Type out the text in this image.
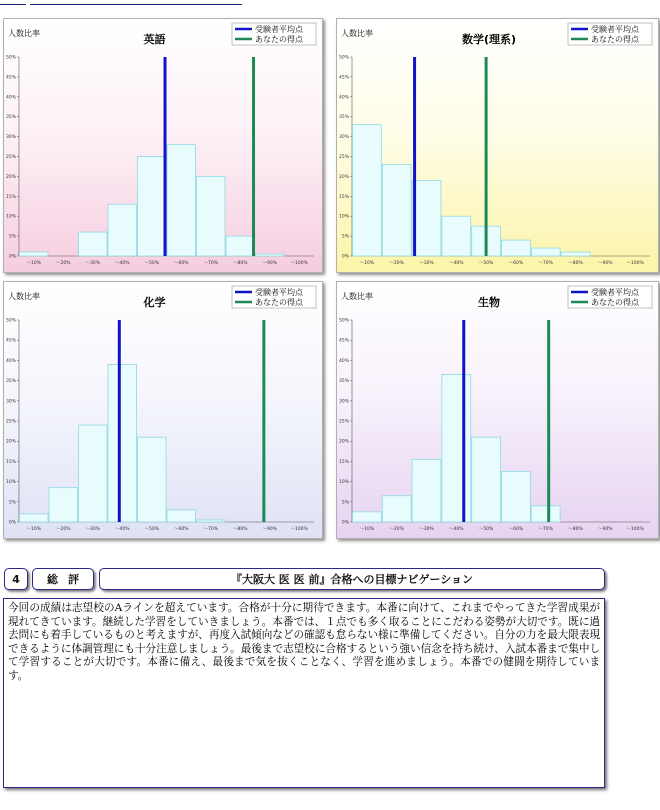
人数比率	英語
受験者平均点
あなたの得点
0%
5%
10%
15%
20%
25%
30%
35%
40%
45%
50%
～10%	～20%	～30%	～40%	～50%	～60%	～70%	～80%	～90%	～100%
人数比率	数学(理系)
受験者平均点
あなたの得点
0%
5%
10%
15%
20%
25%
30%
35%
40%
45%
50%
～10%	～20%	～30%	～40%	～50%	～60%	～70%	～80%	～90%	～100%
人数比率	化学
受験者平均点
あなたの得点
0%
5%
10%
15%
20%
25%
30%
35%
40%
45%
50%
～10%	～20%	～30%	～40%	～50%	～60%	～70%	～80%	～90%	～100%
人数比率	生物
受験者平均点
あなたの得点
0%
5%
10%
15%
20%
25%
30%
35%
40%
45%
50%
～10%	～20%	～30%	～40%	～50%	～60%	～70%	～80%	～90%	～100%
4	総評	『大阪大 医 医 前』合格への目標ナビゲーション
今回の成績は志望校のAラインを超えています。合格が十分に期待できます。本番に向けて、これまでやってきた学習成果が現れてきています。継続した学習をしていきましょう。本番では、１点でも多く取ることにこだわる姿勢が大切です。既に過去問にも着手しているものと考えますが、再度入試傾向などの確認も怠らない様に準備してください。自分の力を最大限表現できるように体調管理にも十分注意しましょう。最後まで志望校に合格するという強い信念を持ち続け、入試本番まで集中して学習することが大切です。本番に備え、最後まで気を抜くことなく、学習を進めましょう。本番での健闘を期待しています。
